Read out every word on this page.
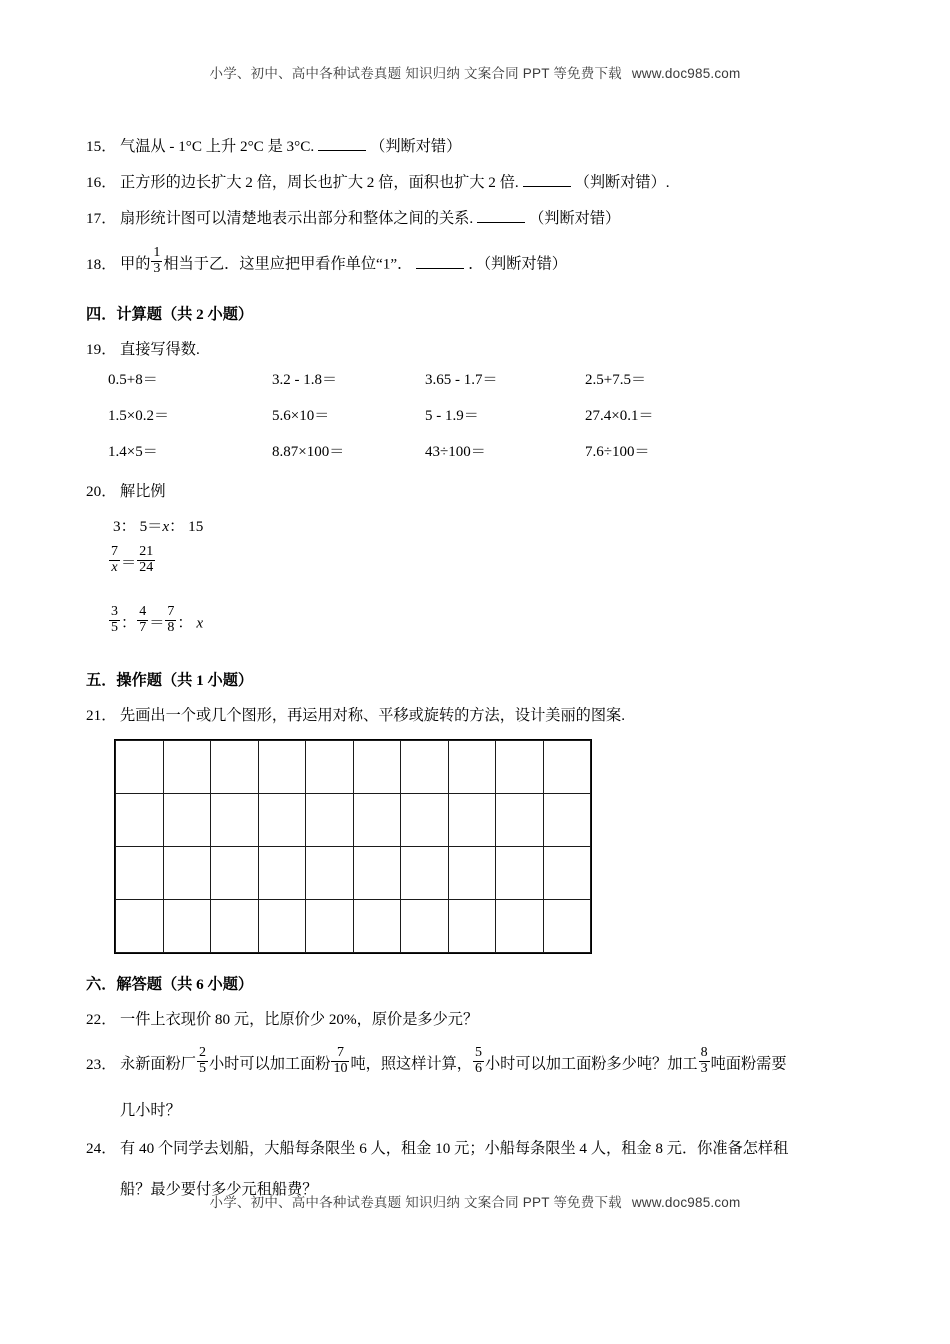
小学、初中、高中各种试卷真题 知识归纳 文案合同 PPT 等免费下载 www.doc985.com
15． 气温从 - 1°C 上升 2°C 是 3°C.	（判断对错）
16． 正方形的边长扩大 2 倍，周长也扩大 2 倍，面积也扩大 2 倍.	（判断对错）.
17． 扇形统计图可以清楚地表示出部分和整体之间的关系.	（判断对错）
18． 甲的 $\frac{1}{3}$ 相当于乙．这里应把甲看作单位“1”．	．（判断对错）
四．计算题（共 2 小题）
19． 直接写得数.
0.5+8＝	3.2 - 1.8＝	3.65 - 1.7＝	2.5+7.5＝
1.5×0.2＝	5.6×10＝	5 - 1.9＝	27.4×0.1＝
1.4×5＝	8.87×100＝	43÷100＝	7.6÷100＝
20． 解比例
3： 5＝x： 15
$\frac{7}{x} = \frac{21}{24}$
$\frac{3}{5}$ ： $\frac{4}{7} = \frac{7}{8}$ ： x
五．操作题（共 1 小题）
21． 先画出一个或几个图形，再运用对称、平移或旋转的方法，设计美丽的图案.

六．解答题（共 6 小题）
22． 一件上衣现价 80 元，比原价少 20%，原价是多少元？
23． 永新面粉厂 $\frac{2}{5}$ 小时可以加工面粉 $\frac{7}{10}$ 吨，照这样计算， $\frac{5}{6}$ 小时可以加工面粉多少吨？加工 $\frac{8}{3}$ 吨面粉需要
几小时？
24． 有 40 个同学去划船，大船每条限坐 6 人，租金 10 元；小船每条限坐 4 人，租金 8 元．你准备怎样租
船？最少要付多少元租船费？
小学、初中、高中各种试卷真题 知识归纳 文案合同 PPT 等免费下载 www.doc985.com
